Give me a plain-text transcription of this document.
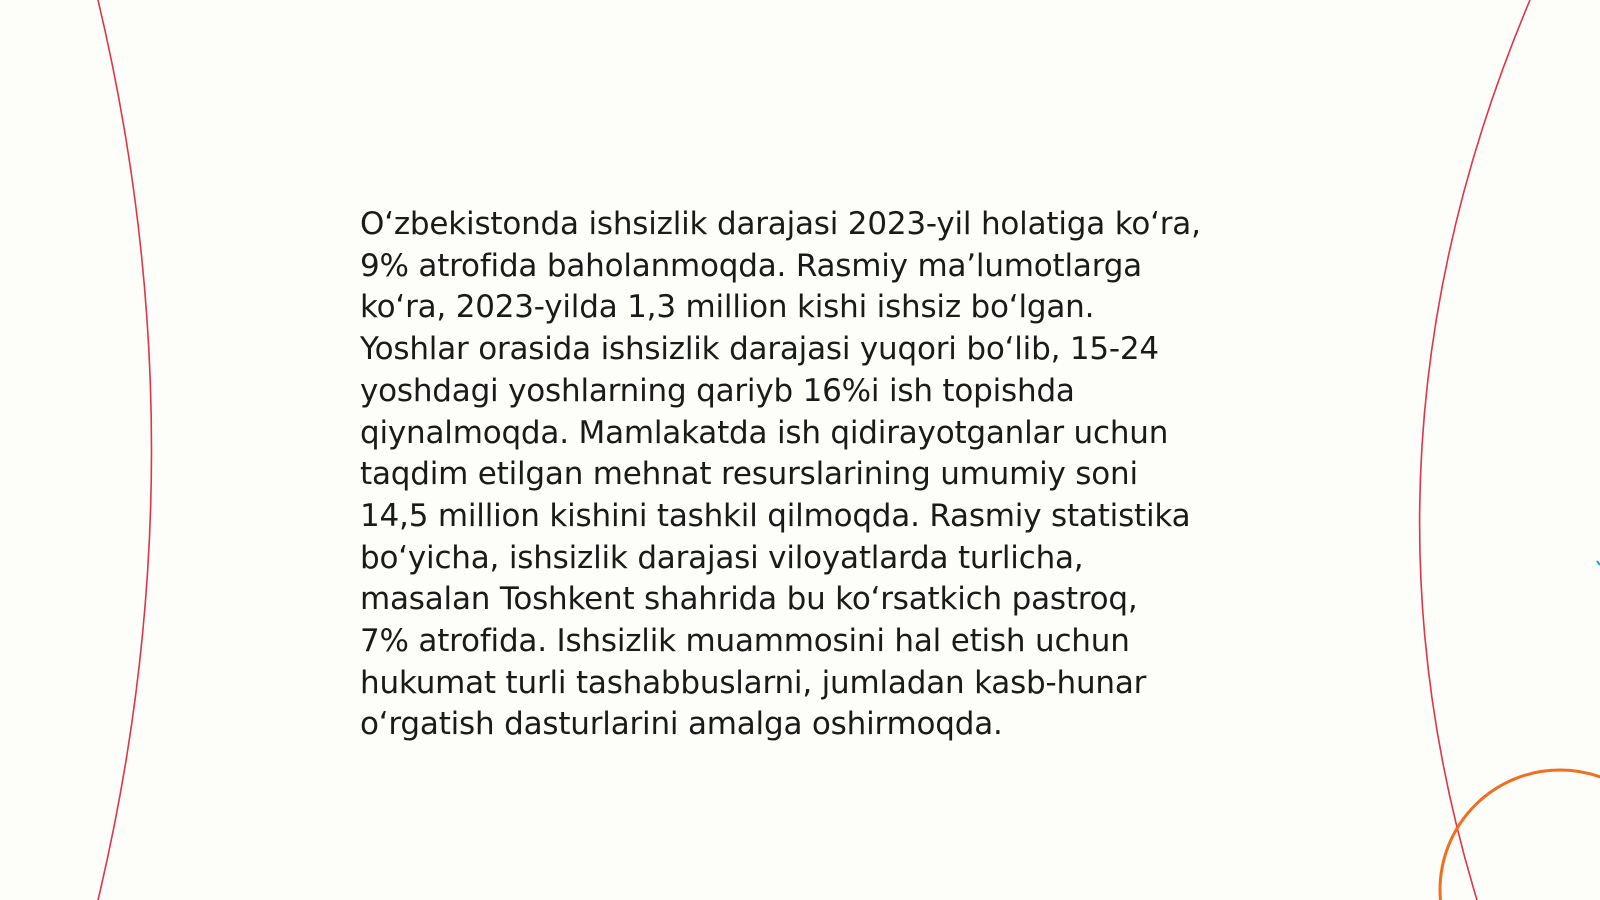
Oʻzbekistonda ishsizlik darajasi 2023-yil holatiga koʻra,
9% atrofida baholanmoqda. Rasmiy maʼlumotlarga
koʻra, 2023-yilda 1,3 million kishi ishsiz boʻlgan.
Yoshlar orasida ishsizlik darajasi yuqori boʻlib, 15-24
yoshdagi yoshlarning qariyb 16%i ish topishda
qiynalmoqda. Mamlakatda ish qidirayotganlar uchun
taqdim etilgan mehnat resurslarining umumiy soni
14,5 million kishini tashkil qilmoqda. Rasmiy statistika
boʻyicha, ishsizlik darajasi viloyatlarda turlicha,
masalan Toshkent shahrida bu koʻrsatkich pastroq,
7% atrofida. Ishsizlik muammosini hal etish uchun
hukumat turli tashabbuslarni, jumladan kasb-hunar
oʻrgatish dasturlarini amalga oshirmoqda.
